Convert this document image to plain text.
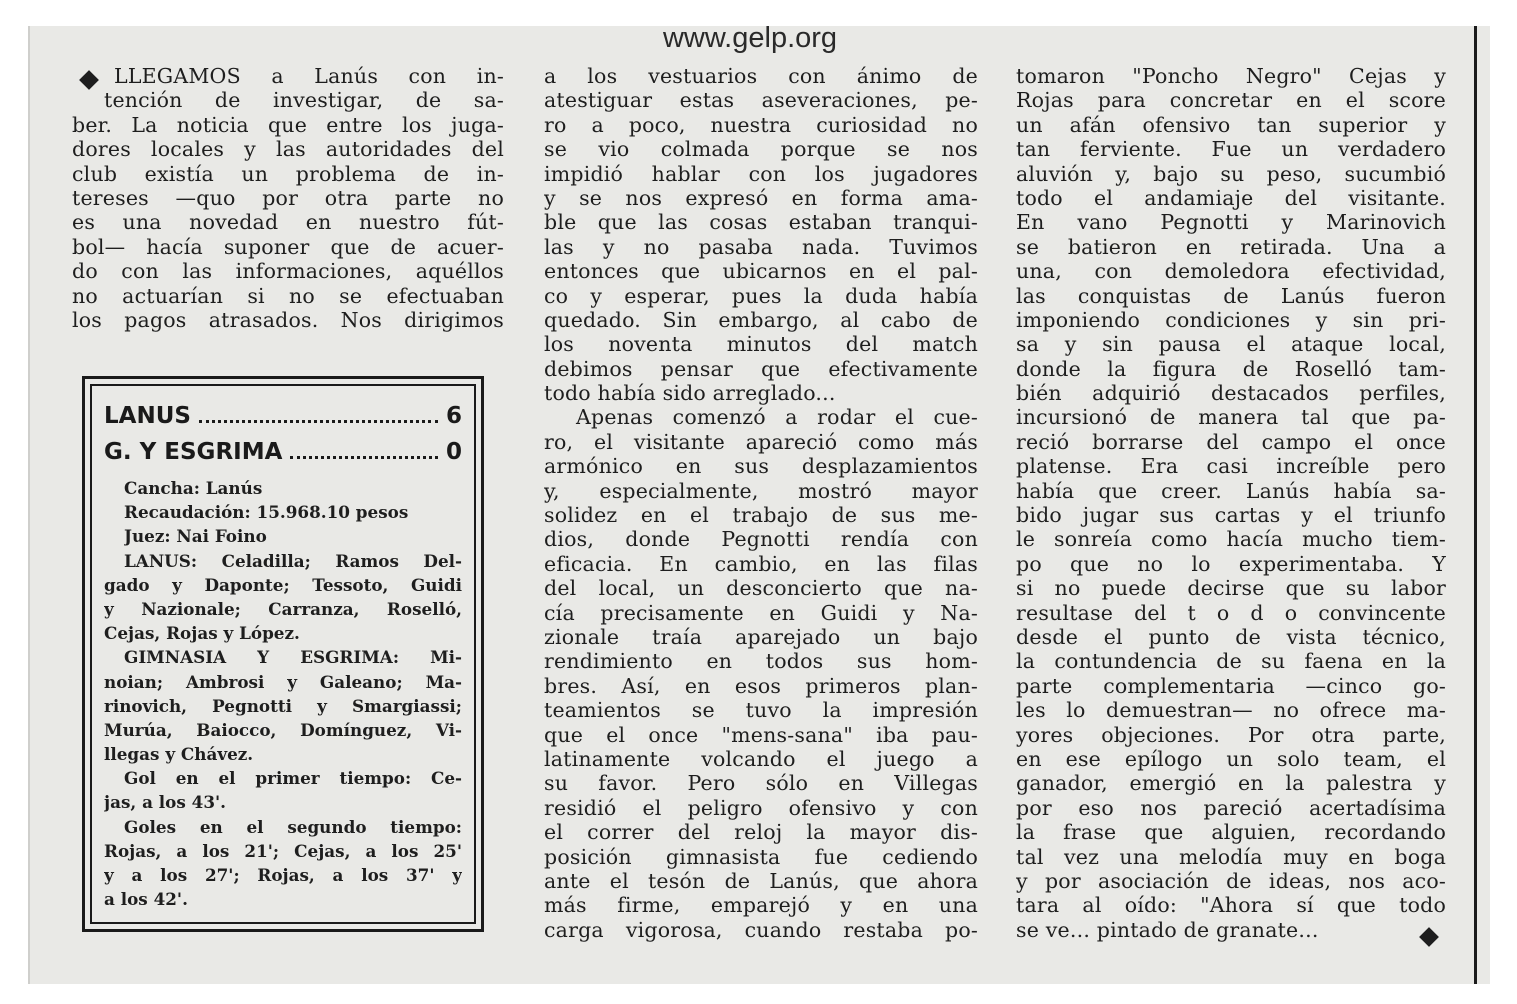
www.gelp.org
LLEGAMOS a Lanús con in-
tención de investigar, de sa-
ber. La noticia que entre los juga-
dores locales y las autoridades del
club existía un problema de in-
tereses —quo por otra parte no
es una novedad en nuestro fút-
bol— hacía suponer que de acuer-
do con las informaciones, aquéllos
no actuarían si no se efectuaban
los pagos atrasados. Nos dirigimos
LANUS	6
G. Y ESGRIMA	0
Cancha: Lanús
Recaudación: 15.968.10 pesos
Juez: Nai Foino
LANUS: Celadilla; Ramos Del-
gado y Daponte; Tessoto, Guidi
y Nazionale; Carranza, Roselló,
Cejas, Rojas y López.
GIMNASIA Y ESGRIMA: Mi-
noian; Ambrosi y Galeano; Ma-
rinovich, Pegnotti y Smargiassi;
Murúa, Baiocco, Domínguez, Vi-
llegas y Chávez.
Gol en el primer tiempo: Ce-
jas, a los 43'.
Goles en el segundo tiempo:
Rojas, a los 21'; Cejas, a los 25'
y a los 27'; Rojas, a los 37' y
a los 42'.
a los vestuarios con ánimo de
atestiguar estas aseveraciones, pe-
ro a poco, nuestra curiosidad no
se vio colmada porque se nos
impidió hablar con los jugadores
y se nos expresó en forma ama-
ble que las cosas estaban tranqui-
las y no pasaba nada. Tuvimos
entonces que ubicarnos en el pal-
co y esperar, pues la duda había
quedado. Sin embargo, al cabo de
los noventa minutos del match
debimos pensar que efectivamente
todo había sido arreglado...
Apenas comenzó a rodar el cue-
ro, el visitante apareció como más
armónico en sus desplazamientos
y, especialmente, mostró mayor
solidez en el trabajo de sus me-
dios, donde Pegnotti rendía con
eficacia. En cambio, en las filas
del local, un desconcierto que na-
cía precisamente en Guidi y Na-
zionale traía aparejado un bajo
rendimiento en todos sus hom-
bres. Así, en esos primeros plan-
teamientos se tuvo la impresión
que el once "mens-sana" iba pau-
latinamente volcando el juego a
su favor. Pero sólo en Villegas
residió el peligro ofensivo y con
el correr del reloj la mayor dis-
posición gimnasista fue cediendo
ante el tesón de Lanús, que ahora
más firme, emparejó y en una
carga vigorosa, cuando restaba po-
tomaron "Poncho Negro" Cejas y
Rojas para concretar en el score
un afán ofensivo tan superior y
tan ferviente. Fue un verdadero
aluvión y, bajo su peso, sucumbió
todo el andamiaje del visitante.
En vano Pegnotti y Marinovich
se batieron en retirada. Una a
una, con demoledora efectividad,
las conquistas de Lanús fueron
imponiendo condiciones y sin pri-
sa y sin pausa el ataque local,
donde la figura de Roselló tam-
bién adquirió destacados perfiles,
incursionó de manera tal que pa-
reció borrarse del campo el once
platense. Era casi increíble pero
había que creer. Lanús había sa-
bido jugar sus cartas y el triunfo
le sonreía como hacía mucho tiem-
po que no lo experimentaba. Y
si no puede decirse que su labor
resultase del t o d o convincente
desde el punto de vista técnico,
la contundencia de su faena en la
parte complementaria —cinco go-
les lo demuestran— no ofrece ma-
yores objeciones. Por otra parte,
en ese epílogo un solo team, el
ganador, emergió en la palestra y
por eso nos pareció acertadísima
la frase que alguien, recordando
tal vez una melodía muy en boga
y por asociación de ideas, nos aco-
tara al oído: "Ahora sí que todo
se ve... pintado de granate...
